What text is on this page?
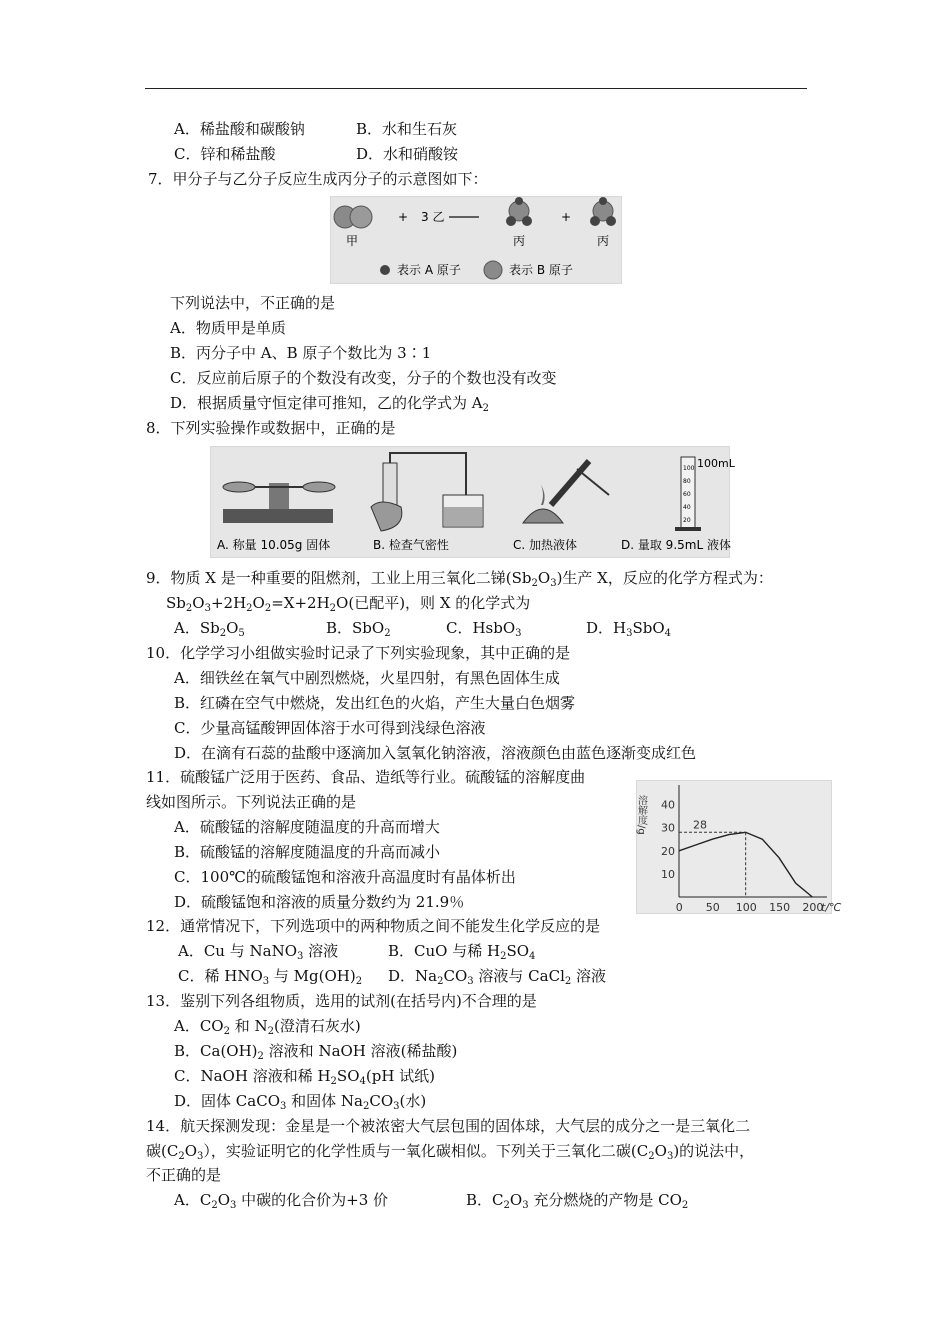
A．稀盐酸和碳酸钠	B．水和生石灰
C．锌和稀盐酸	D．水和硝酸铵
7．甲分子与乙分子反应生成丙分子的示意图如下：
+ 3 乙	+
甲	丙	丙
表示 A 原子	表示 B 原子
下列说法中，不正确的是
A．物质甲是单质
B．丙分子中 A、B 原子个数比为 3∶1
C．反应前后原子的个数没有改变，分子的个数也没有改变
D．根据质量守恒定律可推知，乙的化学式为 $A_2$
8．下列实验操作或数据中，正确的是
A. 称量 10.05g 固体	B. 检查气密性	C. 加热液体
100mL
100
80
60
40
20
D. 量取 9.5mL 液体
9．物质 X 是一种重要的阻燃剂，工业上用三氧化二锑$(Sb_2O_3)$生产 X，反应的化学方程式为：
$Sb_2O_3+2H_2O_2=X+2H_2O$(已配平)，则 X 的化学式为
A．$Sb_2O_5$	B．SbO$_2$	C．HsbO$_3$	D．$H_3SbO_4$
10．化学学习小组做实验时记录了下列实验现象，其中正确的是
A．细铁丝在氧气中剧烈燃烧，火星四射，有黑色固体生成
B．红磷在空气中燃烧，发出红色的火焰，产生大量白色烟雾
C．少量高锰酸钾固体溶于水可得到浅绿色溶液
D．在滴有石蕊的盐酸中逐滴加入氢氧化钠溶液，溶液颜色由蓝色逐渐变成红色
11．硫酸锰广泛用于医药、食品、造纸等行业。硫酸锰的溶解度曲
线如图所示。下列说法正确的是
A．硫酸锰的溶解度随温度的升高而增大
B．硫酸锰的溶解度随温度的升高而减小
C．100℃的硫酸锰饱和溶液升高温度时有晶体析出
D．硫酸锰饱和溶液的质量分数约为 21.9％
10
20
30
40
0 50 100 150 200
t/℃
溶解度/g	28
12．通常情况下，下列选项中的两种物质之间不能发生化学反应的是
A．Cu 与 NaNO$_3$ 溶液	B．CuO 与稀 $H_2SO_4$
C．稀 $HNO_3$ 与 $Mg(OH)_2$ D．$Na_2CO_3$ 溶液与 CaCl$_2$ 溶液
13．鉴别下列各组物质，选用的试剂(在括号内)不合理的是
A．$CO_2$ 和 $N_2$(澄清石灰水)
B．$Ca(OH)_2$ 溶液和 NaOH 溶液(稀盐酸)
C．NaOH 溶液和稀 $H_2SO_4(pH$ 试纸)
D．固体 CaCO$_3$ 和固体 $Na_2CO_3$(水)
14．航天探测发现：金星是一个被浓密大气层包围的固体球，大气层的成分之一是三氧化二
碳$(C_2O_3)$，实验证明它的化学性质与一氧化碳相似。下列关于三氧化二碳$(C_2O_3)$的说法中，
不正确的是
A．$C_2O_3$ 中碳的化合价为+3 价	B．$C_2O_3$ 充分燃烧的产物是 $CO_2$
